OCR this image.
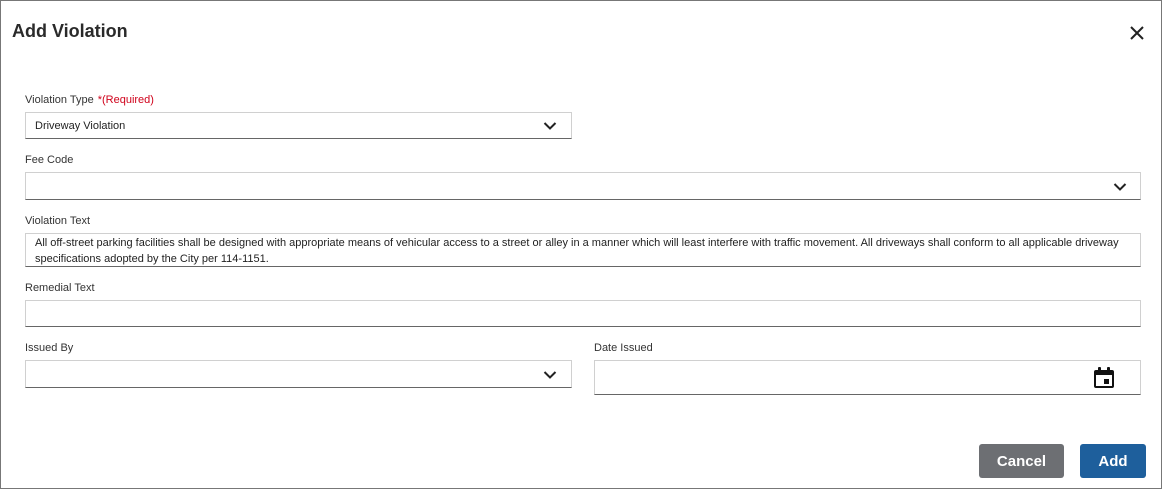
Add Violation
Violation Type *(Required)
Driveway Violation
Fee Code
Violation Text
All off-street parking facilities shall be designed with appropriate means of vehicular access to a street or alley in a manner which will least interfere with traffic movement. All driveways shall conform to all applicable driveway specifications adopted by the City per 114-1151.
Remedial Text
Issued By	Date Issued
Cancel	Add
